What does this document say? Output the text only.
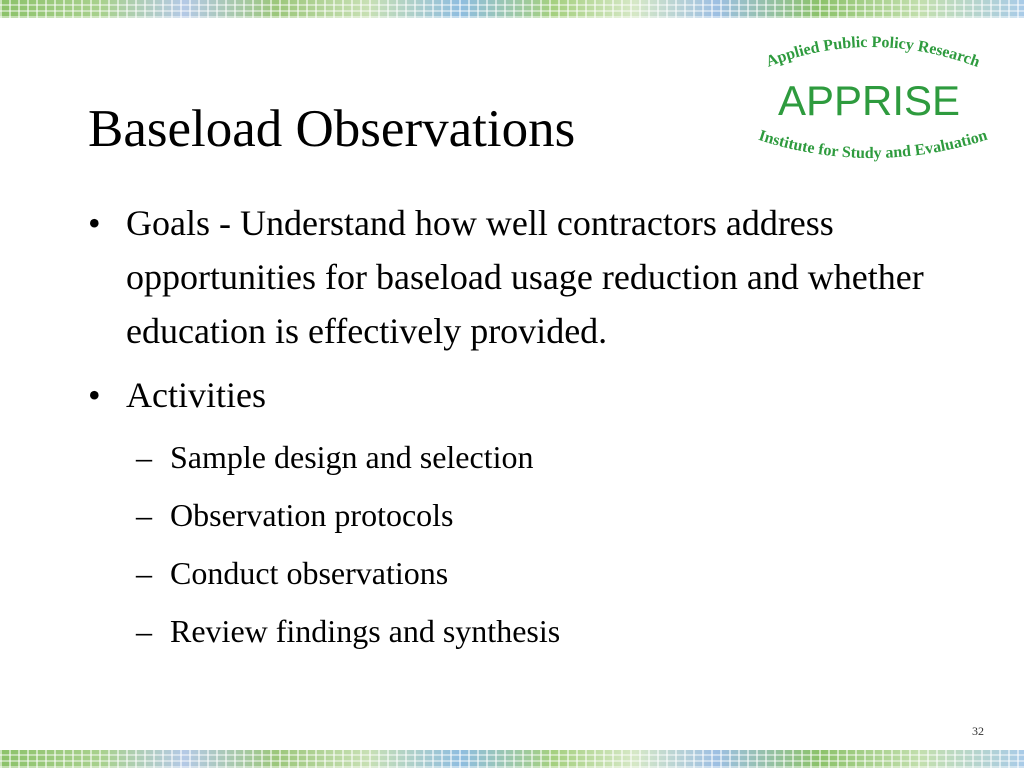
Baseload Observations
Applied Public Policy Research
APPRISE
Institute for Study and Evaluation
• Goals - Understand how well contractors address opportunities for baseload usage reduction and whether education is effectively provided.
• Activities
– Sample design and selection
– Observation protocols
– Conduct observations
– Review findings and synthesis
32
